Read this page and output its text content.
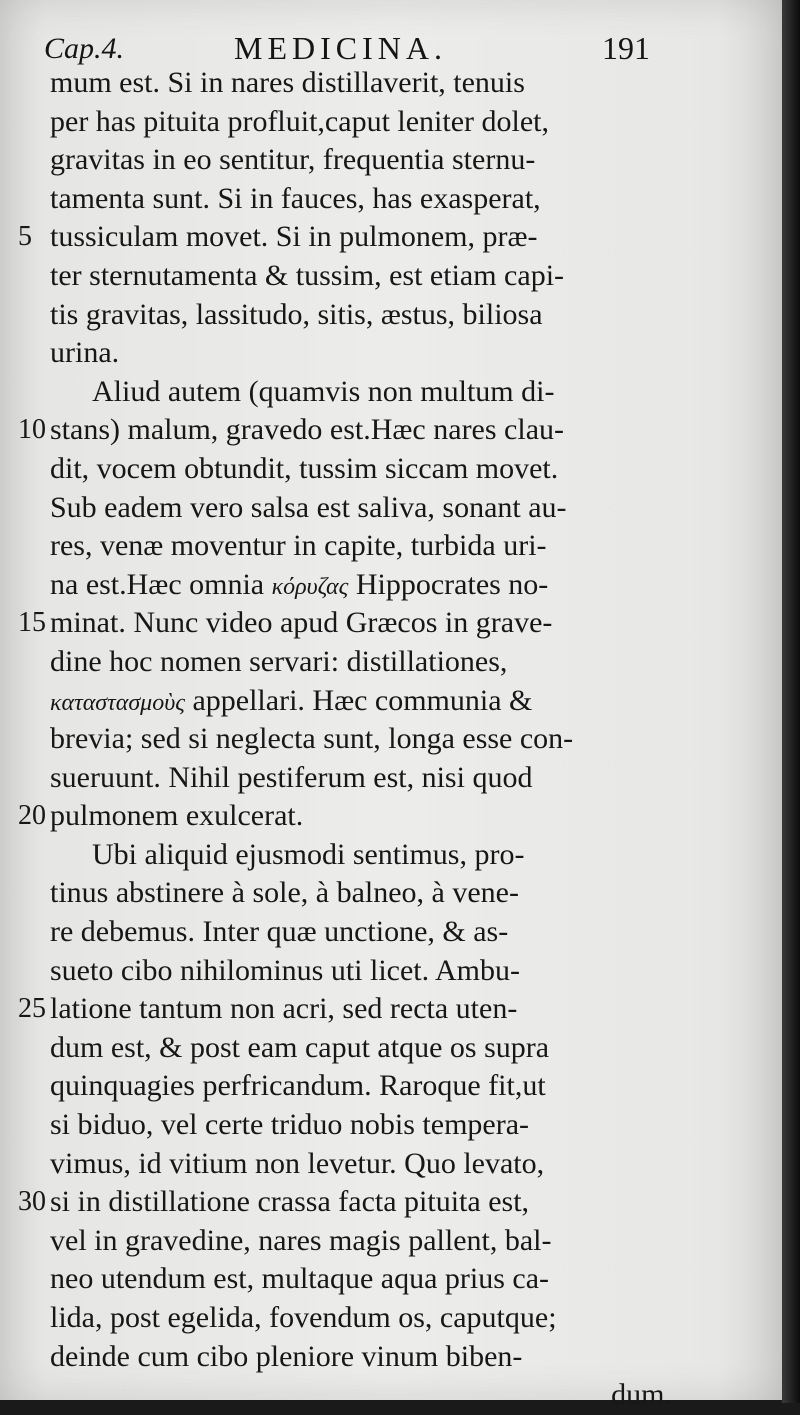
Cap.4.	MEDICINA.	191
mum est. Si in nares distillaverit, tenuis
per has pituita profluit,caput leniter dolet,
gravitas in eo sentitur, frequentia sternu-
tamenta sunt. Si in fauces, has exasperat,
5 tussiculam movet. Si in pulmonem, præ-
ter sternutamenta & tussim, est etiam capi-
tis gravitas, lassitudo, sitis, æstus, biliosa
urina.
Aliud autem (quamvis non multum di-
10 stans) malum, gravedo est.Hæc nares clau-
dit, vocem obtundit, tussim siccam movet.
Sub eadem vero salsa est saliva, sonant au-
res, venæ moventur in capite, turbida uri-
na est.Hæc omnia κόρυζας Hippocrates no-
15 minat. Nunc video apud Græcos in grave-
dine hoc nomen servari: distillationes,
καταστασμοὺς appellari. Hæc communia &
brevia; sed si neglecta sunt, longa esse con-
sueruunt. Nihil pestiferum est, nisi quod
20 pulmonem exulcerat.
Ubi aliquid ejusmodi sentimus, pro-
tinus abstinere à sole, à balneo, à vene-
re debemus. Inter quæ unctione, & as-
sueto cibo nihilominus uti licet. Ambu-
25 latione tantum non acri, sed recta uten-
dum est, & post eam caput atque os supra
quinquagies perfricandum. Raroque fit,ut
si biduo, vel certe triduo nobis tempera-
vimus, id vitium non levetur. Quo levato,
30 si in distillatione crassa facta pituita est,
vel in gravedine, nares magis pallent, bal-
neo utendum est, multaque aqua prius ca-
lida, post egelida, fovendum os, caputque;
deinde cum cibo pleniore vinum biben-
dum.
